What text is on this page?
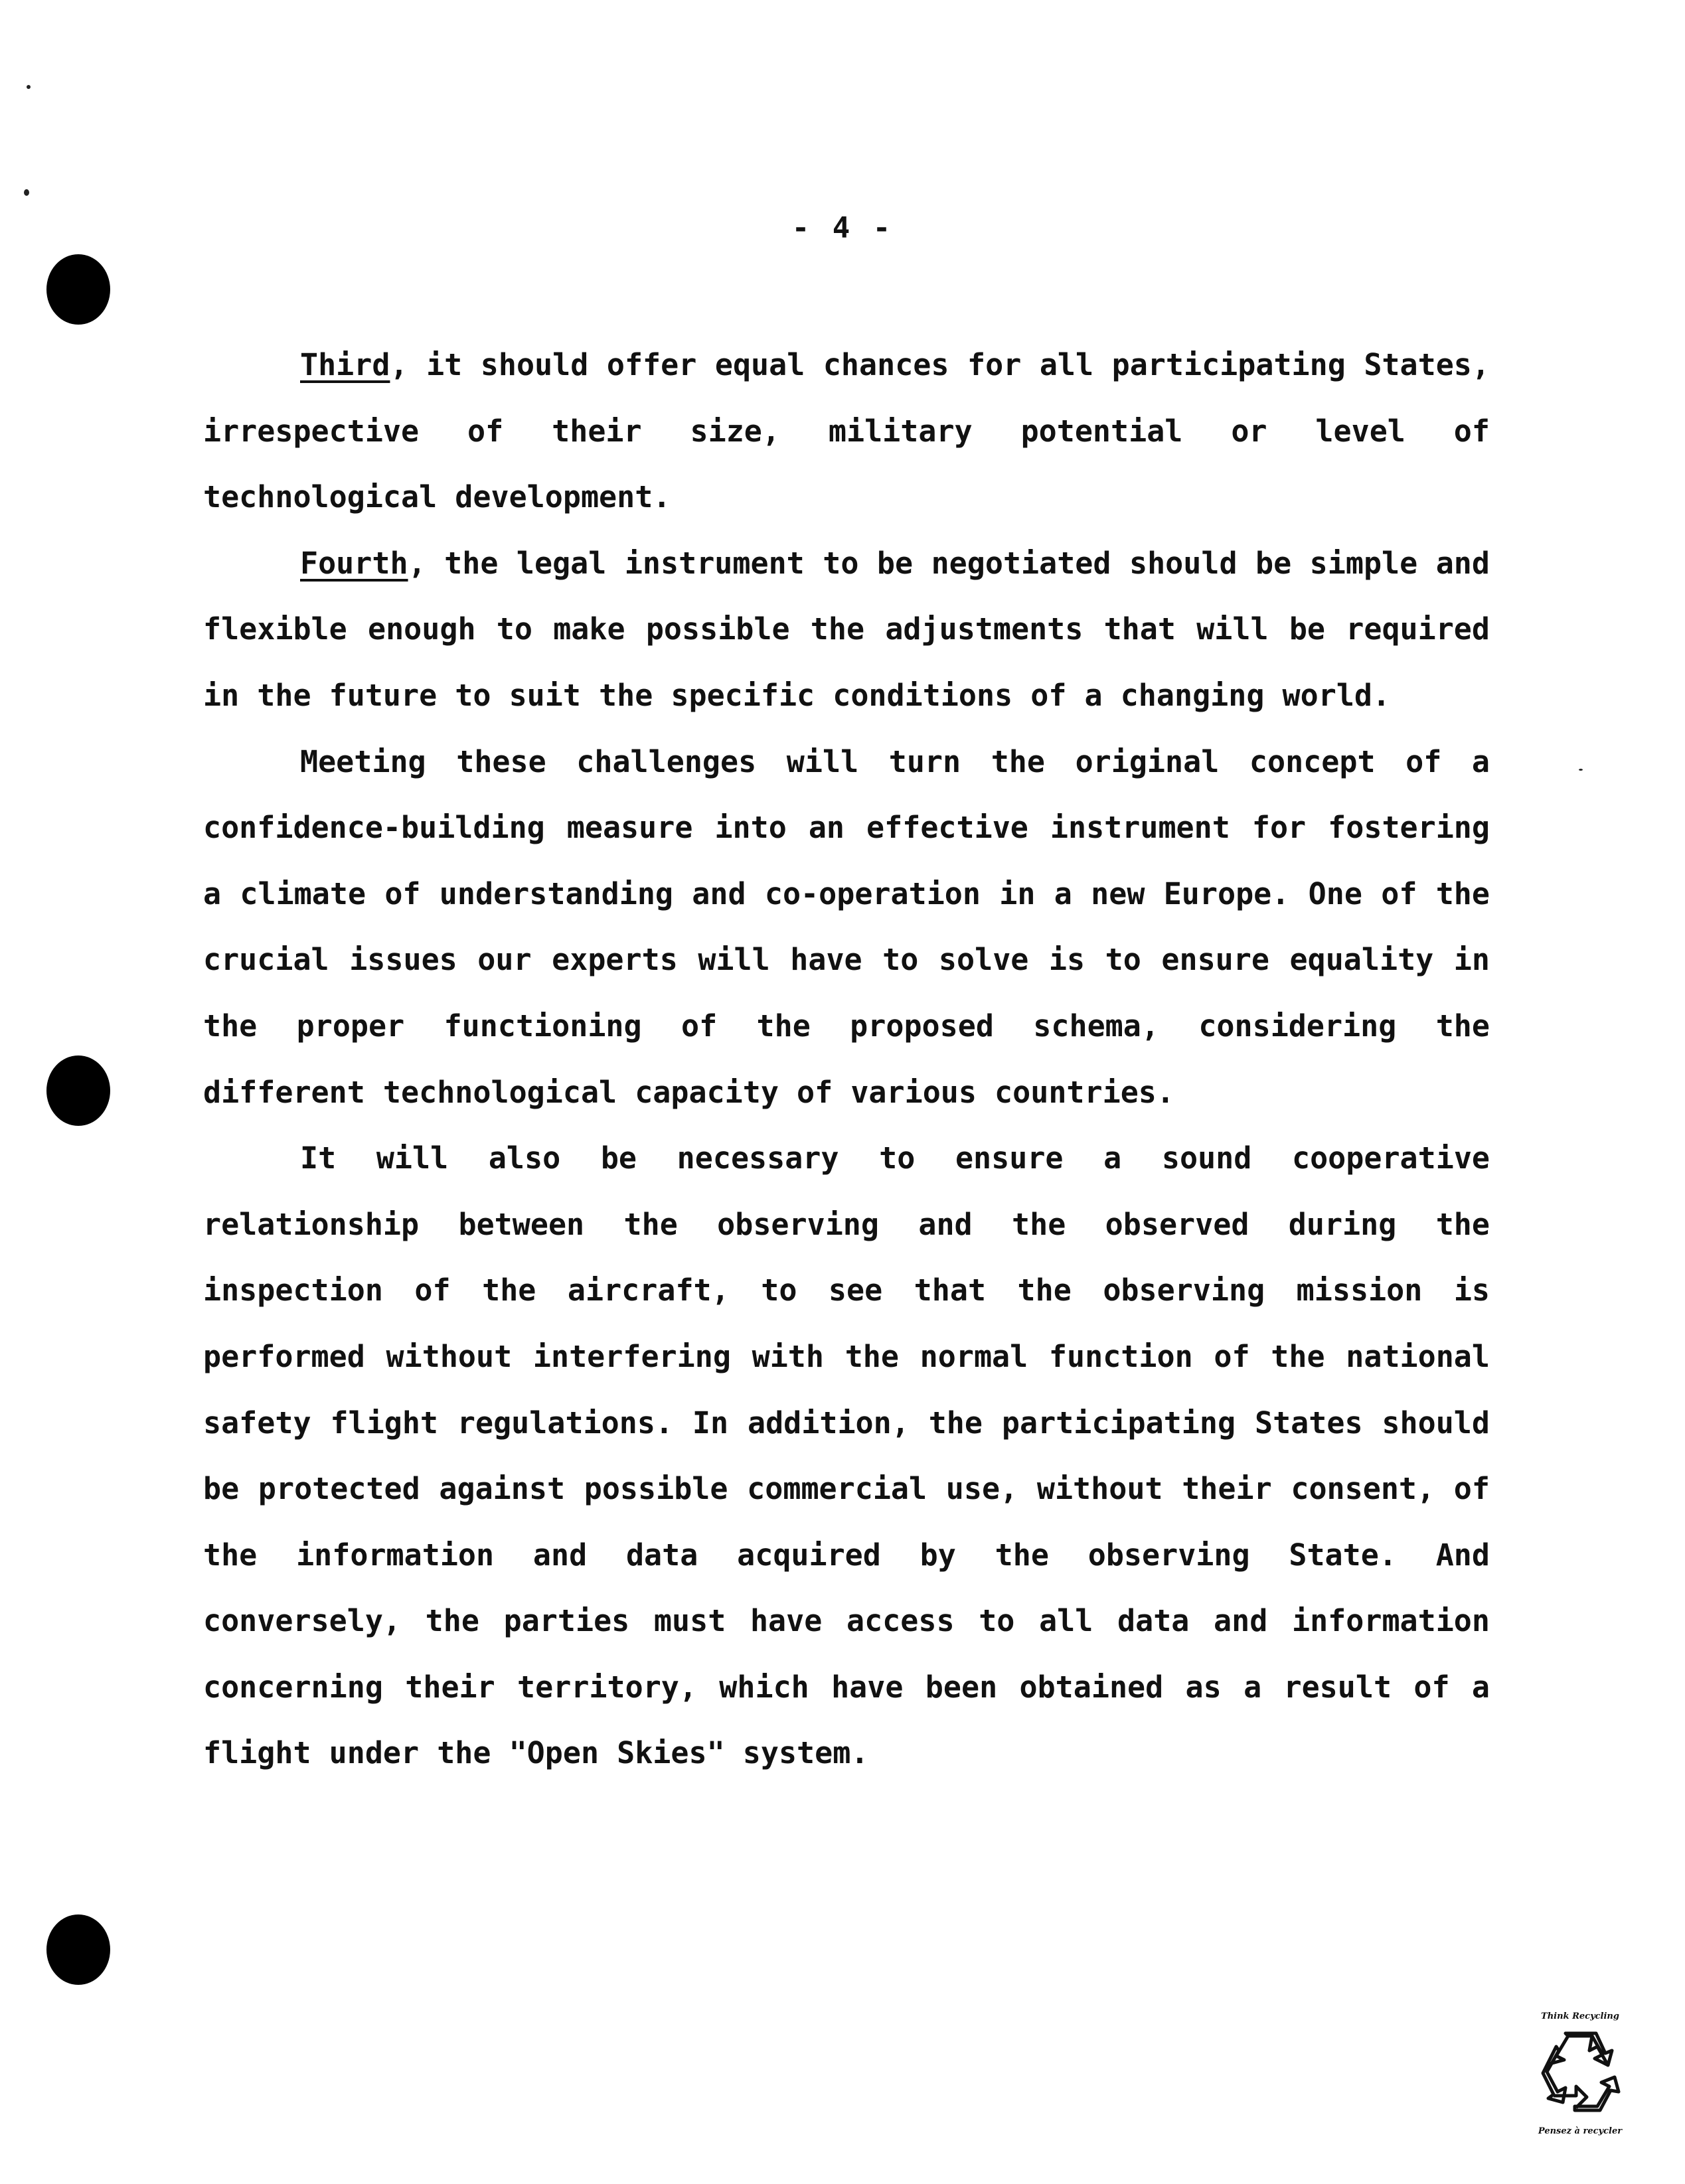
- 4 -

Third, it should offer equal chances for all participating States, irrespective of their size, military potential or level of technological development.

Fourth, the legal instrument to be negotiated should be simple and flexible enough to make possible the adjustments that will be required in the future to suit the specific conditions of a changing world.

Meeting these challenges will turn the original concept of a confidence-building measure into an effective instrument for fostering a climate of understanding and co-operation in a new Europe. One of the crucial issues our experts will have to solve is to ensure equality in the proper functioning of the proposed schema, considering the different technological capacity of various countries.

It will also be necessary to ensure a sound cooperative relationship between the observing and the observed during the inspection of the aircraft, to see that the observing mission is performed without interfering with the normal function of the national safety flight regulations. In addition, the participating States should be protected against possible commercial use, without their consent, of the information and data acquired by the observing State. And conversely, the parties must have access to all data and information concerning their territory, which have been obtained as a result of a flight under the "Open Skies" system.

Think Recycling
Pensez à recycler
